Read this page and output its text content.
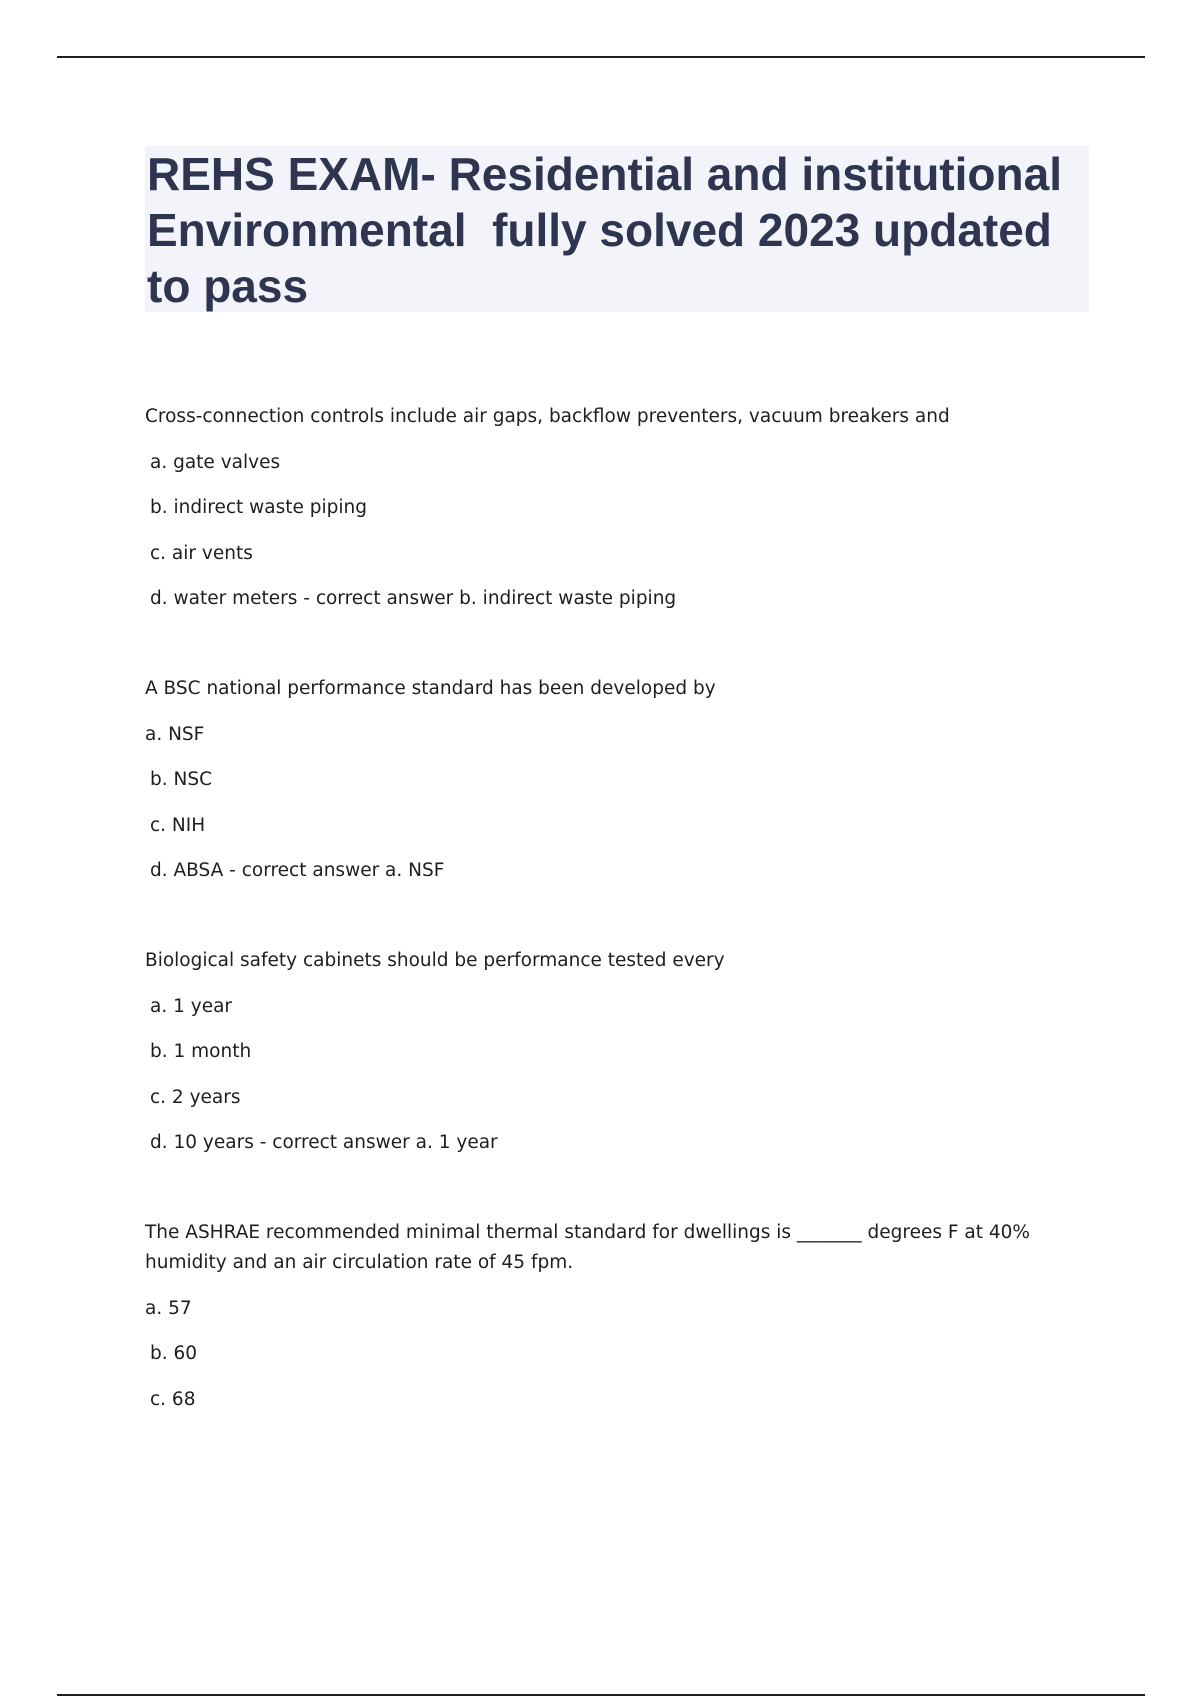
REHS EXAM- Residential and institutional Environmental  fully solved 2023 updated to pass

Cross-connection controls include air gaps, backflow preventers, vacuum breakers and

a. gate valves

b. indirect waste piping

c. air vents

d. water meters - correct answer b. indirect waste piping

A BSC national performance standard has been developed by

a. NSF

b. NSC

c. NIH

d. ABSA - correct answer a. NSF

Biological safety cabinets should be performance tested every

a. 1 year

b. 1 month

c. 2 years

d. 10 years - correct answer a. 1 year

The ASHRAE recommended minimal thermal standard for dwellings is _______ degrees F at 40% humidity and an air circulation rate of 45 fpm.

a. 57

b. 60

c. 68
